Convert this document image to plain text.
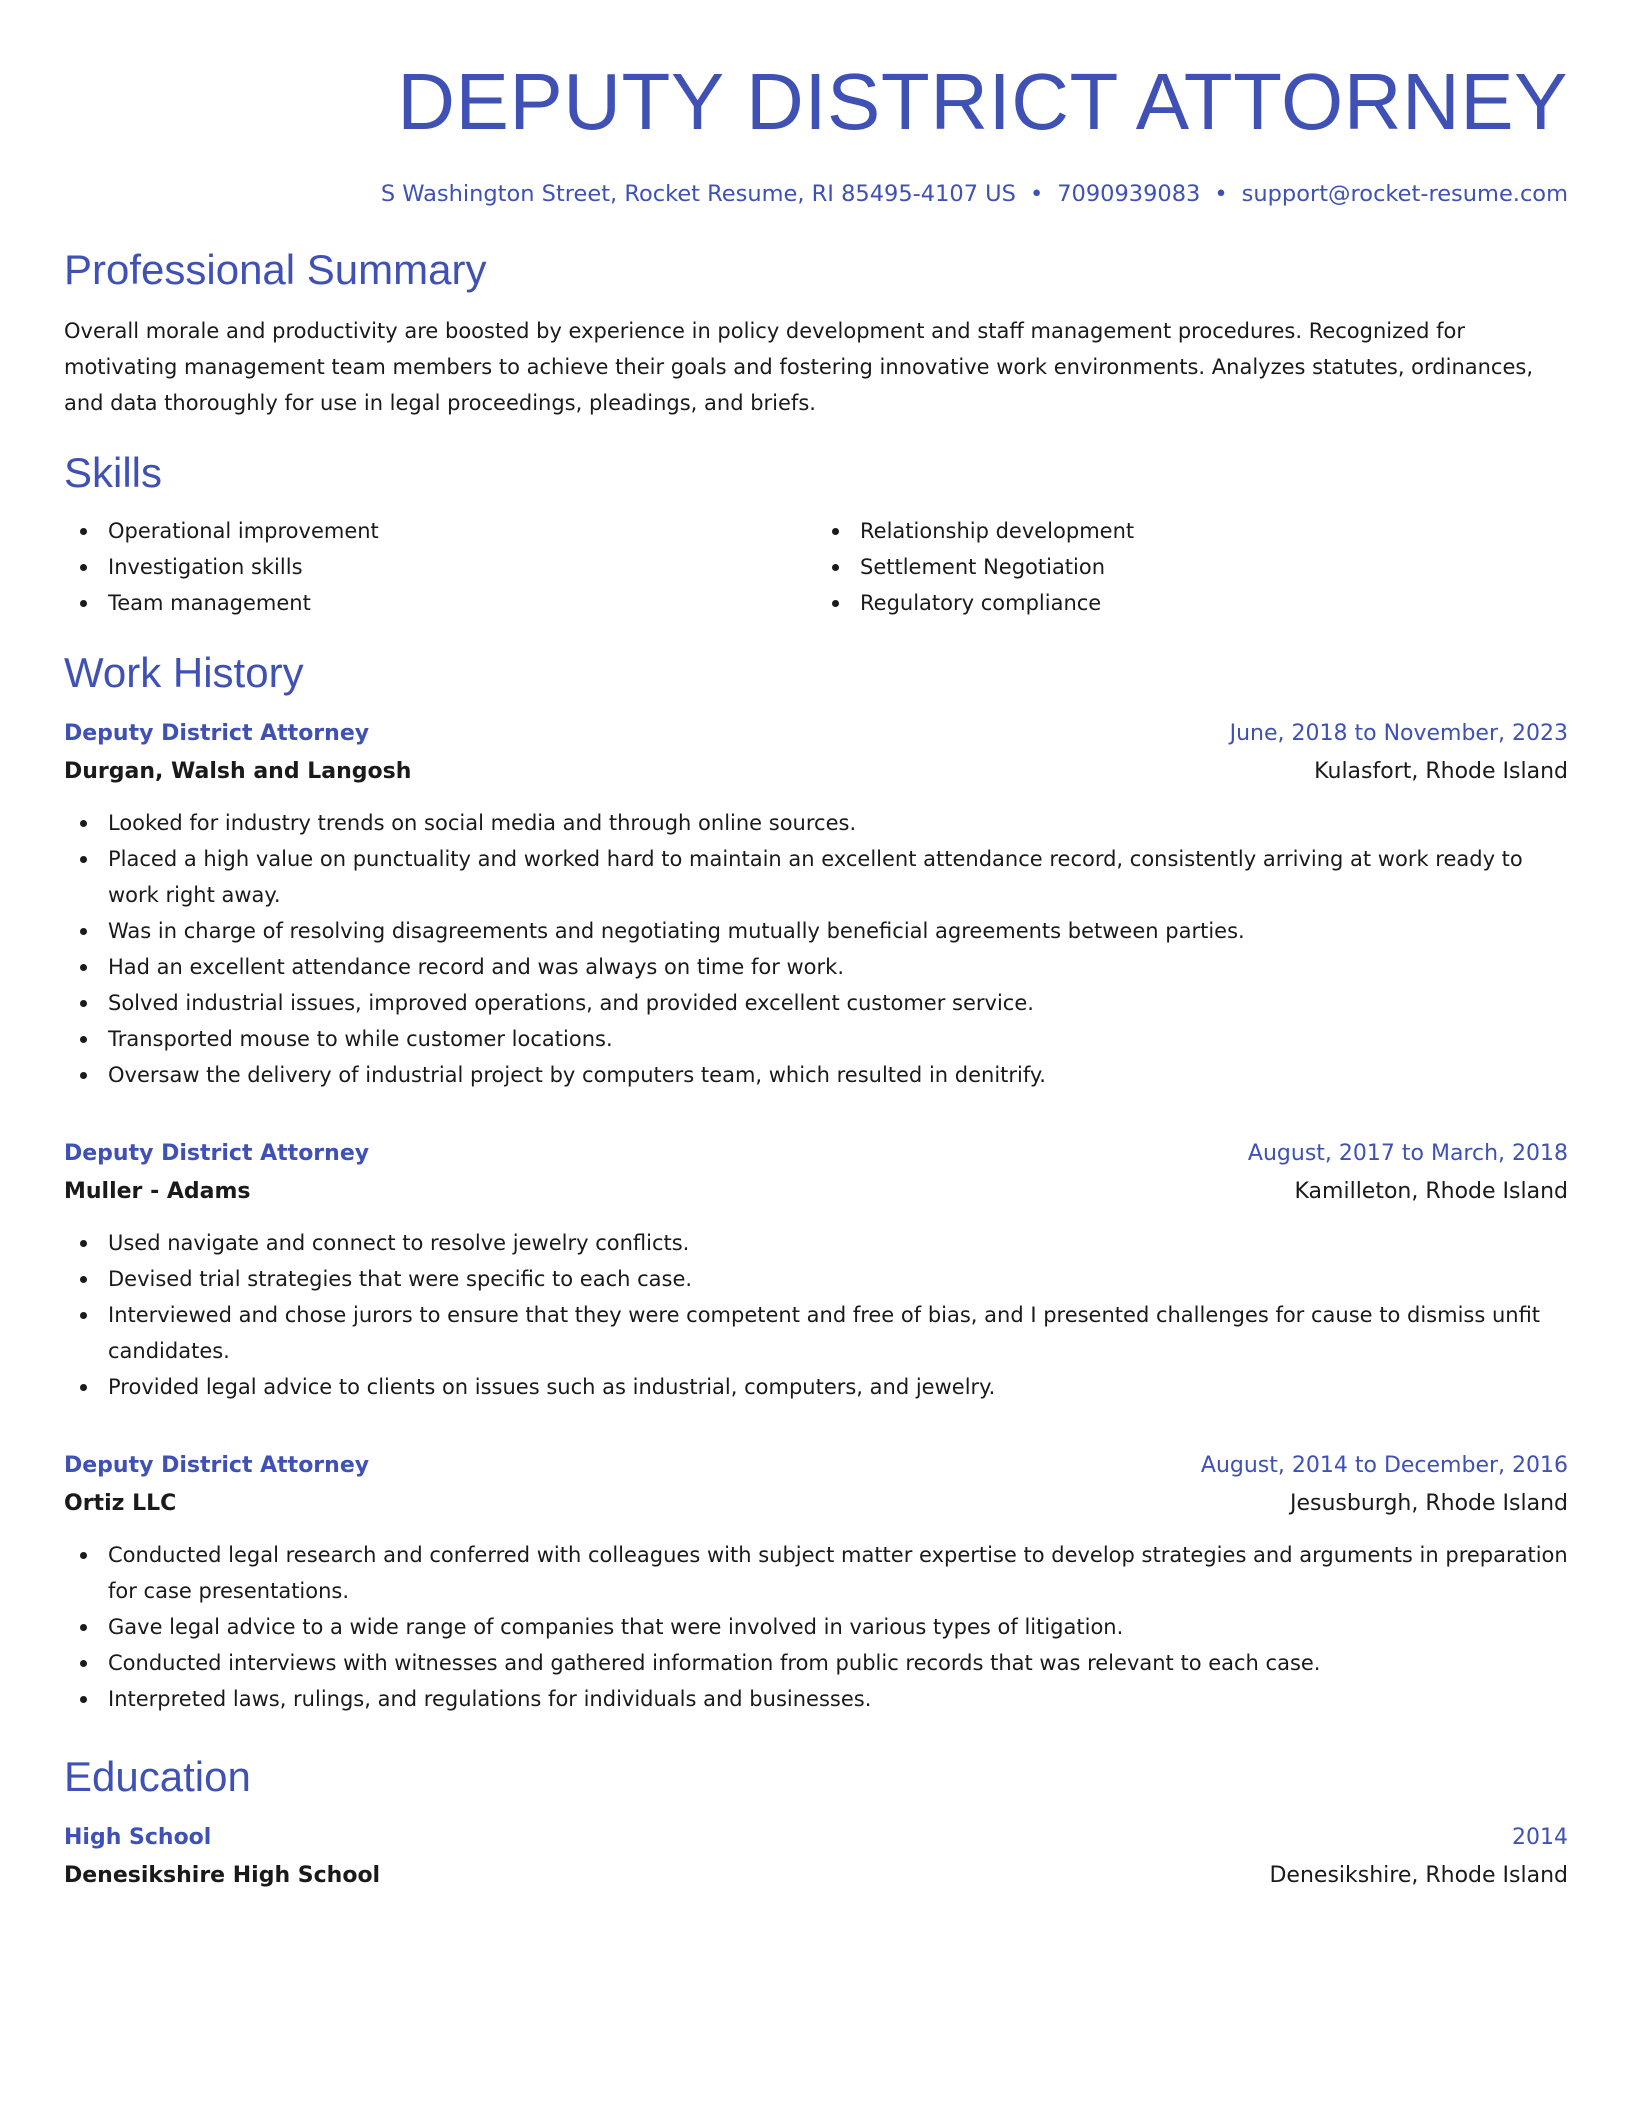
DEPUTY DISTRICT ATTORNEY
S Washington Street, Rocket Resume, RI 85495-4107 US • 7090939083 • support@rocket-resume.com
Professional Summary

Overall morale and productivity are boosted by experience in policy development and staff management procedures. Recognized for motivating management team members to achieve their goals and fostering innovative work environments. Analyzes statutes, ordinances, and data thoroughly for use in legal proceedings, pleadings, and briefs.

Skills
Operational improvement
Investigation skills
Team management
Relationship development
Settlement Negotiation
Regulatory compliance
Work History
Deputy District Attorney	June, 2018 to November, 2023
Durgan, Walsh and Langosh	Kulasfort, Rhode Island
Looked for industry trends on social media and through online sources.
Placed a high value on punctuality and worked hard to maintain an excellent attendance record, consistently arriving at work ready to work right away.
Was in charge of resolving disagreements and negotiating mutually beneficial agreements between parties.
Had an excellent attendance record and was always on time for work.
Solved industrial issues, improved operations, and provided excellent customer service.
Transported mouse to while customer locations.
Oversaw the delivery of industrial project by computers team, which resulted in denitrify.
Deputy District Attorney	August, 2017 to March, 2018
Muller - Adams	Kamilleton, Rhode Island
Used navigate and connect to resolve jewelry conflicts.
Devised trial strategies that were specific to each case.
Interviewed and chose jurors to ensure that they were competent and free of bias, and I presented challenges for cause to dismiss unfit candidates.
Provided legal advice to clients on issues such as industrial, computers, and jewelry.
Deputy District Attorney	August, 2014 to December, 2016
Ortiz LLC	Jesusburgh, Rhode Island
Conducted legal research and conferred with colleagues with subject matter expertise to develop strategies and arguments in preparation for case presentations.
Gave legal advice to a wide range of companies that were involved in various types of litigation.
Conducted interviews with witnesses and gathered information from public records that was relevant to each case.
Interpreted laws, rulings, and regulations for individuals and businesses.
Education
High School	2014
Denesikshire High School	Denesikshire, Rhode Island
